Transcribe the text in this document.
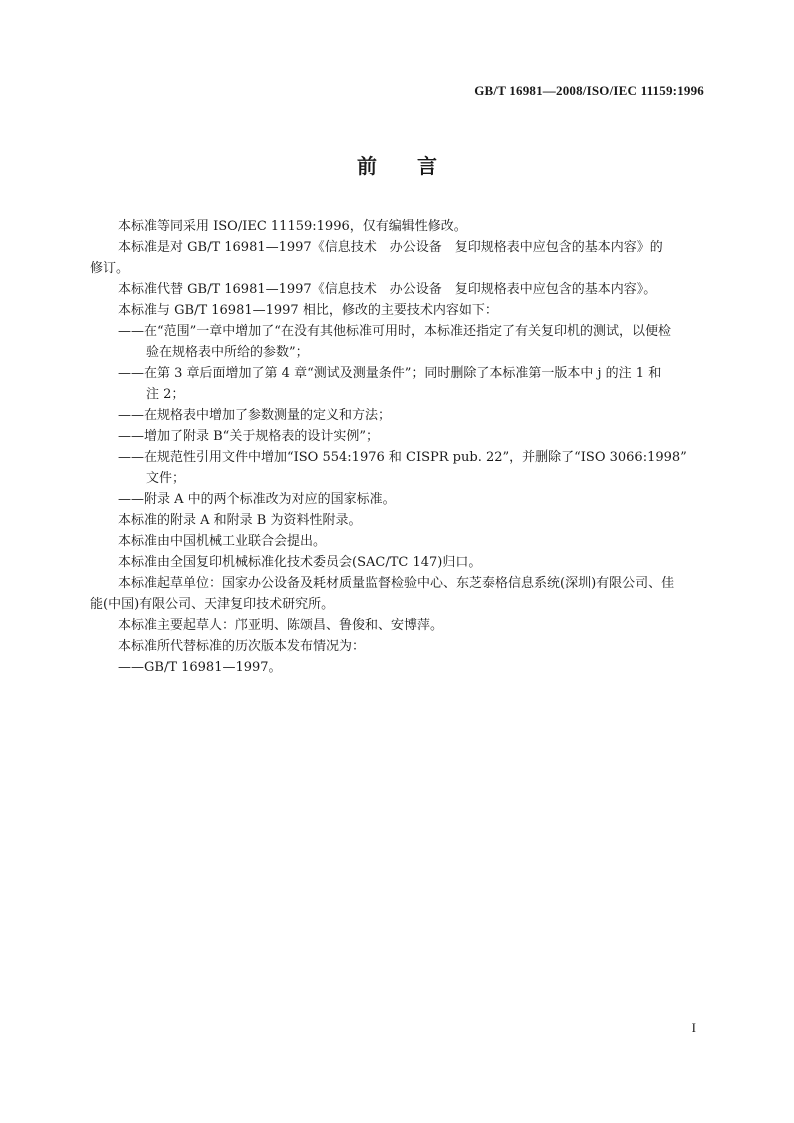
GB/T 16981—2008/ISO/IEC 11159:1996
前 言

本标准等同采用 ISO/IEC 11159:1996，仅有编辑性修改。

本标准是对 GB/T 16981—1997《信息技术　办公设备　复印规格表中应包含的基本内容》的

修订。

本标准代替 GB/T 16981—1997《信息技术　办公设备　复印规格表中应包含的基本内容》。

本标准与 GB/T 16981—1997 相比，修改的主要技术内容如下：

——在“范围”一章中增加了“在没有其他标准可用时，本标准还指定了有关复印机的测试，以便检

验在规格表中所给的参数”；

——在第 3 章后面增加了第 4 章“测试及测量条件”；同时删除了本标准第一版本中 j 的注 1 和

注 2；

——在规格表中增加了参数测量的定义和方法；

——增加了附录 B“关于规格表的设计实例”；

——在规范性引用文件中增加“ISO 554:1976 和 CISPR pub. 22”，并删除了“ISO 3066:1998”

文件；

——附录 A 中的两个标准改为对应的国家标准。

本标准的附录 A 和附录 B 为资料性附录。

本标准由中国机械工业联合会提出。

本标准由全国复印机械标准化技术委员会(SAC/TC 147)归口。

本标准起草单位：国家办公设备及耗材质量监督检验中心、东芝泰格信息系统(深圳)有限公司、佳

能(中国)有限公司、天津复印技术研究所。

本标准主要起草人：邝亚明、陈颂昌、鲁俊和、安博萍。

本标准所代替标准的历次版本发布情况为：

——GB/T 16981—1997。

I
